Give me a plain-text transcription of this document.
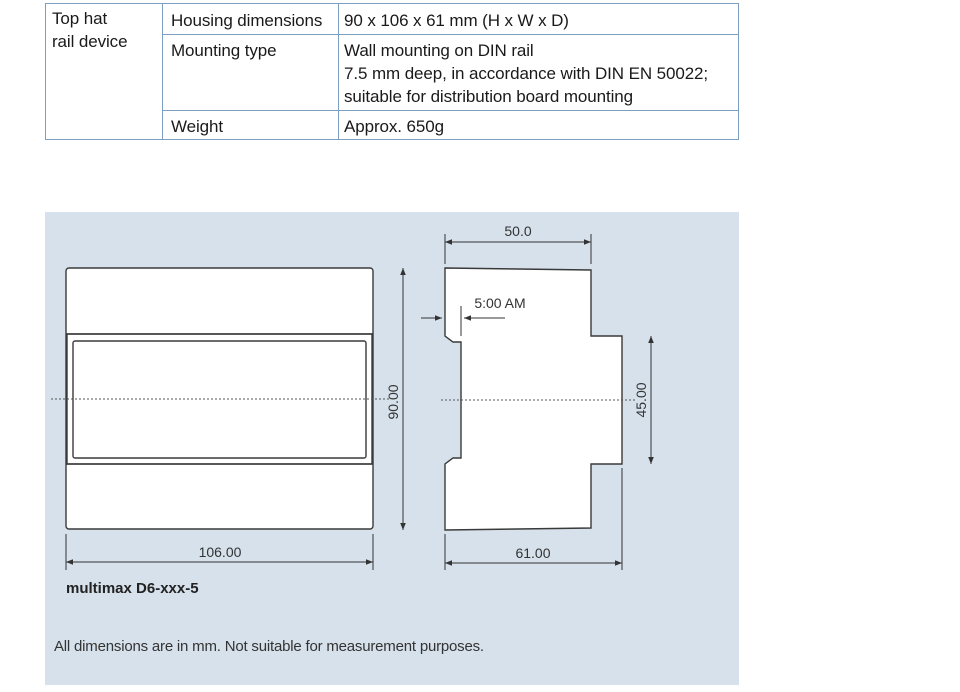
Top hat
rail device
Housing dimensions 90 x 106 x 61 mm (H x W x D)
Mounting type	Wall mounting on DIN rail
7.5 mm deep, in accordance with DIN EN 50022;
suitable for distribution board mounting
Weight	Approx. 650g
90.00
106.00
50.0
5:00 AM
45.00
61.00
multimax D6-xxx-5
All dimensions are in mm. Not suitable for measurement purposes.
